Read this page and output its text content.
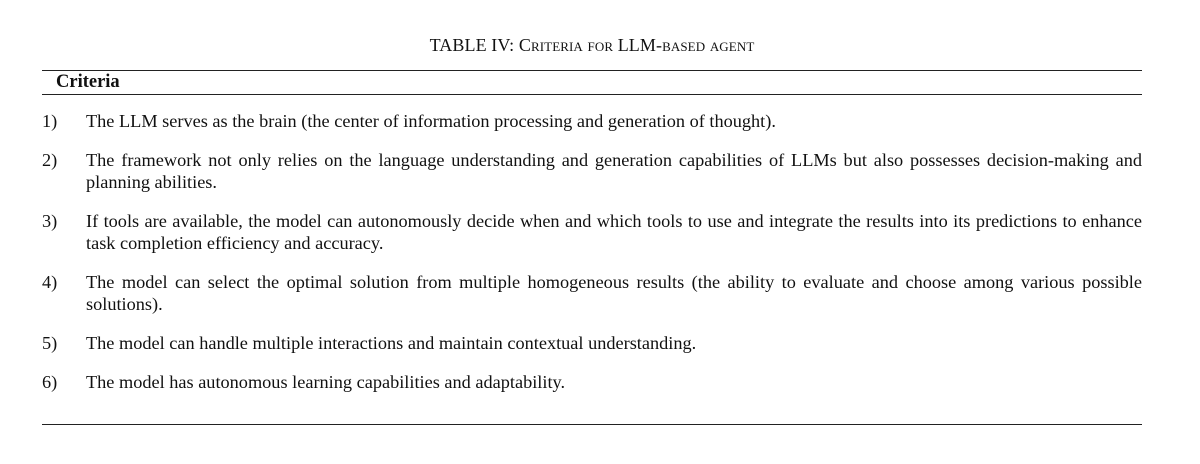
TABLE IV: Criteria for LLM-based agent
Criteria
1)	The LLM serves as the brain (the center of information processing and generation of thought).
2)	The framework not only relies on the language understanding and generation capabilities of LLMs but also possesses decision-making and planning abilities.
3)	If tools are available, the model can autonomously decide when and which tools to use and integrate the results into its predictions to enhance task completion efficiency and accuracy.
4)	The model can select the optimal solution from multiple homogeneous results (the ability to evaluate and choose among various possible solutions).
5)	The model can handle multiple interactions and maintain contextual understanding.
6)	The model has autonomous learning capabilities and adaptability.
